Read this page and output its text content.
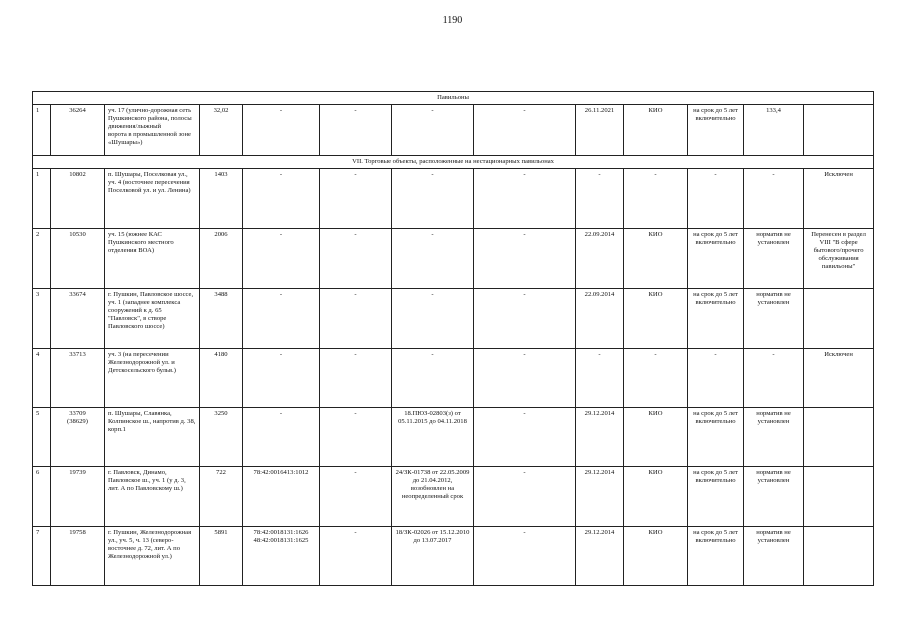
1190
Павильоны												
1	36264	уч. 17 (улично-дорожная сеть Пушкинского района, полосы движения/лыжный
ворота в промышленной зоне «Шушары»)	32,02	-	-	-	-	26.11.2021	КИО	на срок до 5 лет включительно	133,4	
VII. Торговые объекты, расположенные на нестационарных павильонах												
1	10802	п. Шушары, Поселковая ул., уч. 4 (восточнее пересечения Поселковой ул. и ул. Ленина)	1403	-	-	-	-	-	-	-	-	Исключен
2	10530	уч. 15 (южнее КАС Пушкинского местного отделения ВОА)	2006	-	-	-	-	22.09.2014	КИО	на срок до 5 лет включительно	норматив не установлен	Перенесен в раздел VIII "В сфере бытового/прочего обслуживания павильоны"
3	33674	г. Пушкин, Павловское шоссе, уч. 1 (западнее комплекса сооружений к д. 65 "Павловск", в створе Павловского шоссе)	3488	-	-	-	-	22.09.2014	КИО	на срок до 5 лет включительно	норматив не установлен	
4	33713	уч. 3 (на пересечении Железнодорожной ул. и Детскосельского бульв.)	4180	-	-	-	-	-	-	-	-	Исключен
5	33709
(38629)	п. Шушары, Славянка, Колпинское ш., напротив д. 38, корп.1	3250	-	-	18.ПЮЗ-02803(з) от 05.11.2015 до 04.11.2018	-	29.12.2014	КИО	на срок до 5 лет включительно	норматив не установлен	
6	19739	г. Павловск, Динамо, Павловское ш., уч. 1 (у д. 3, лит. А по Павловскому ш.)	722	78:42:0016413:1012	-	24/ЗК-01738 от 22.05.2009 до 21.04.2012, возобновлен на неопределенный срок	-	29.12.2014	КИО	на срок до 5 лет включительно	норматив не установлен	
7	19758	г. Пушкин, Железнодорожная ул., уч. 5, ч. 13 (северо-восточнее д. 72, лит. А по Железнодорожной ул.)	5891	78:42:0018131:1626
48:42:0018131:1625	-	18/ЗК-02026 от 15.12.2010 до 13.07.2017	-	29.12.2014	КИО	на срок до 5 лет включительно	норматив не установлен	
